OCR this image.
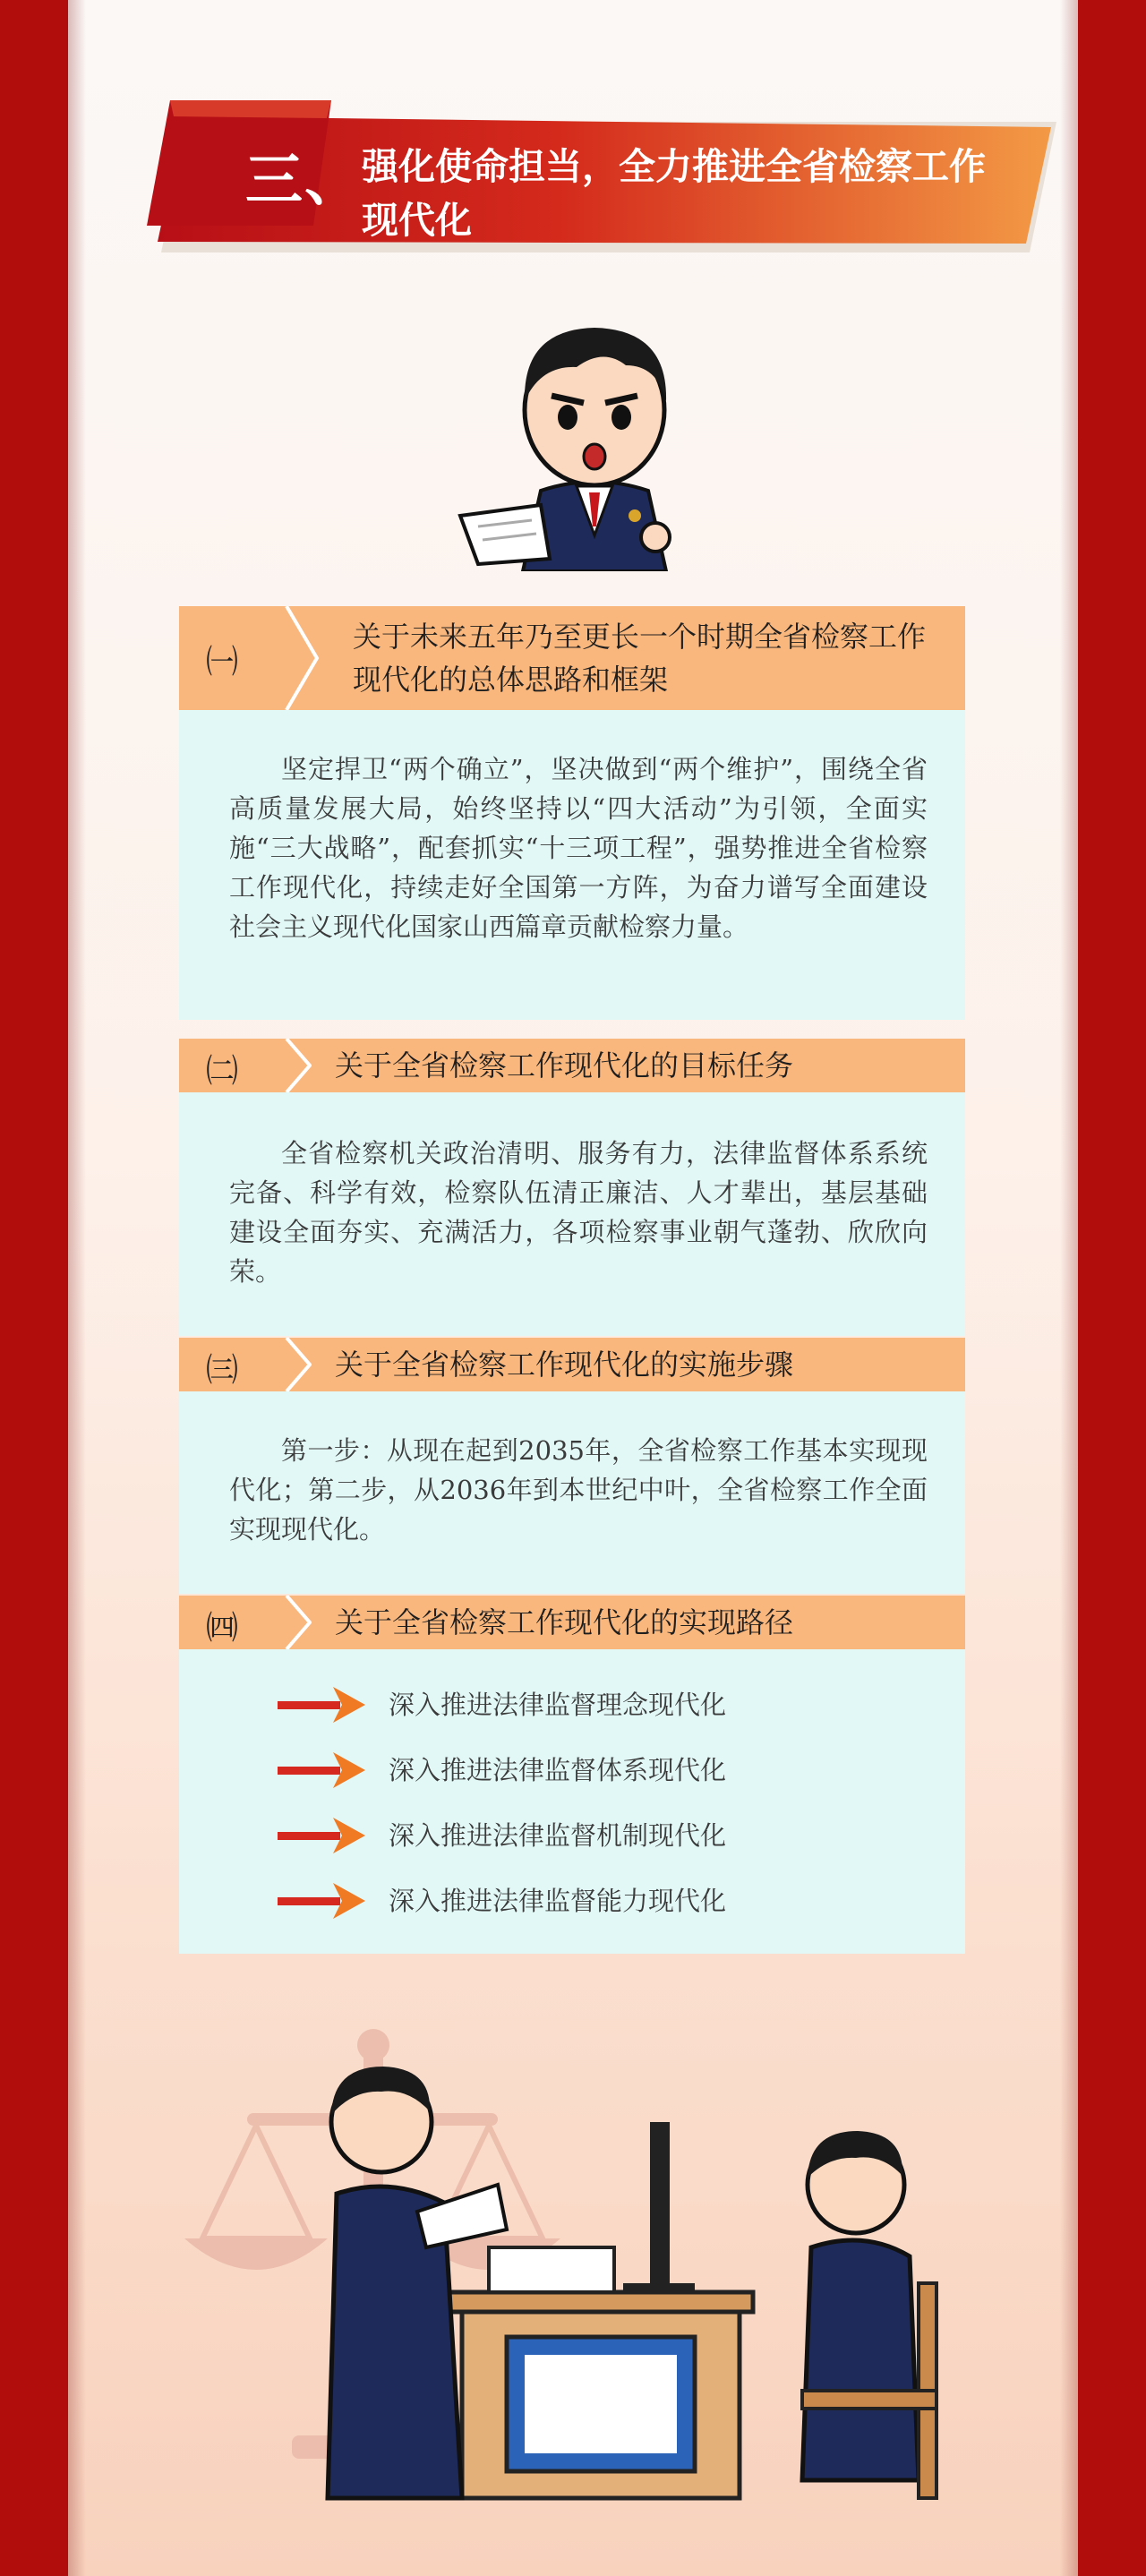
三、
强化使命担当，全力推进全省检察工作现代化
㈠
关于未来五年乃至更长一个时期全省检察工作现代化的总体思路和框架

坚定捍卫“两个确立”，坚决做到“两个维护”，围绕全省高质量发展大局，始终坚持以“四大活动”为引领，全面实施“三大战略”，配套抓实“十三项工程”，强势推进全省检察工作现代化，持续走好全国第一方阵，为奋力谱写全面建设社会主义现代化国家山西篇章贡献检察力量。

㈡	关于全省检察工作现代化的目标任务

全省检察机关政治清明、服务有力，法律监督体系系统完备、科学有效，检察队伍清正廉洁、人才辈出，基层基础建设全面夯实、充满活力，各项检察事业朝气蓬勃、欣欣向荣。

㈢	关于全省检察工作现代化的实施步骤

第一步：从现在起到2035年，全省检察工作基本实现现代化；第二步，从2036年到本世纪中叶，全省检察工作全面实现现代化。

㈣	关于全省检察工作现代化的实现路径
深入推进法律监督理念现代化
深入推进法律监督体系现代化
深入推进法律监督机制现代化
深入推进法律监督能力现代化
